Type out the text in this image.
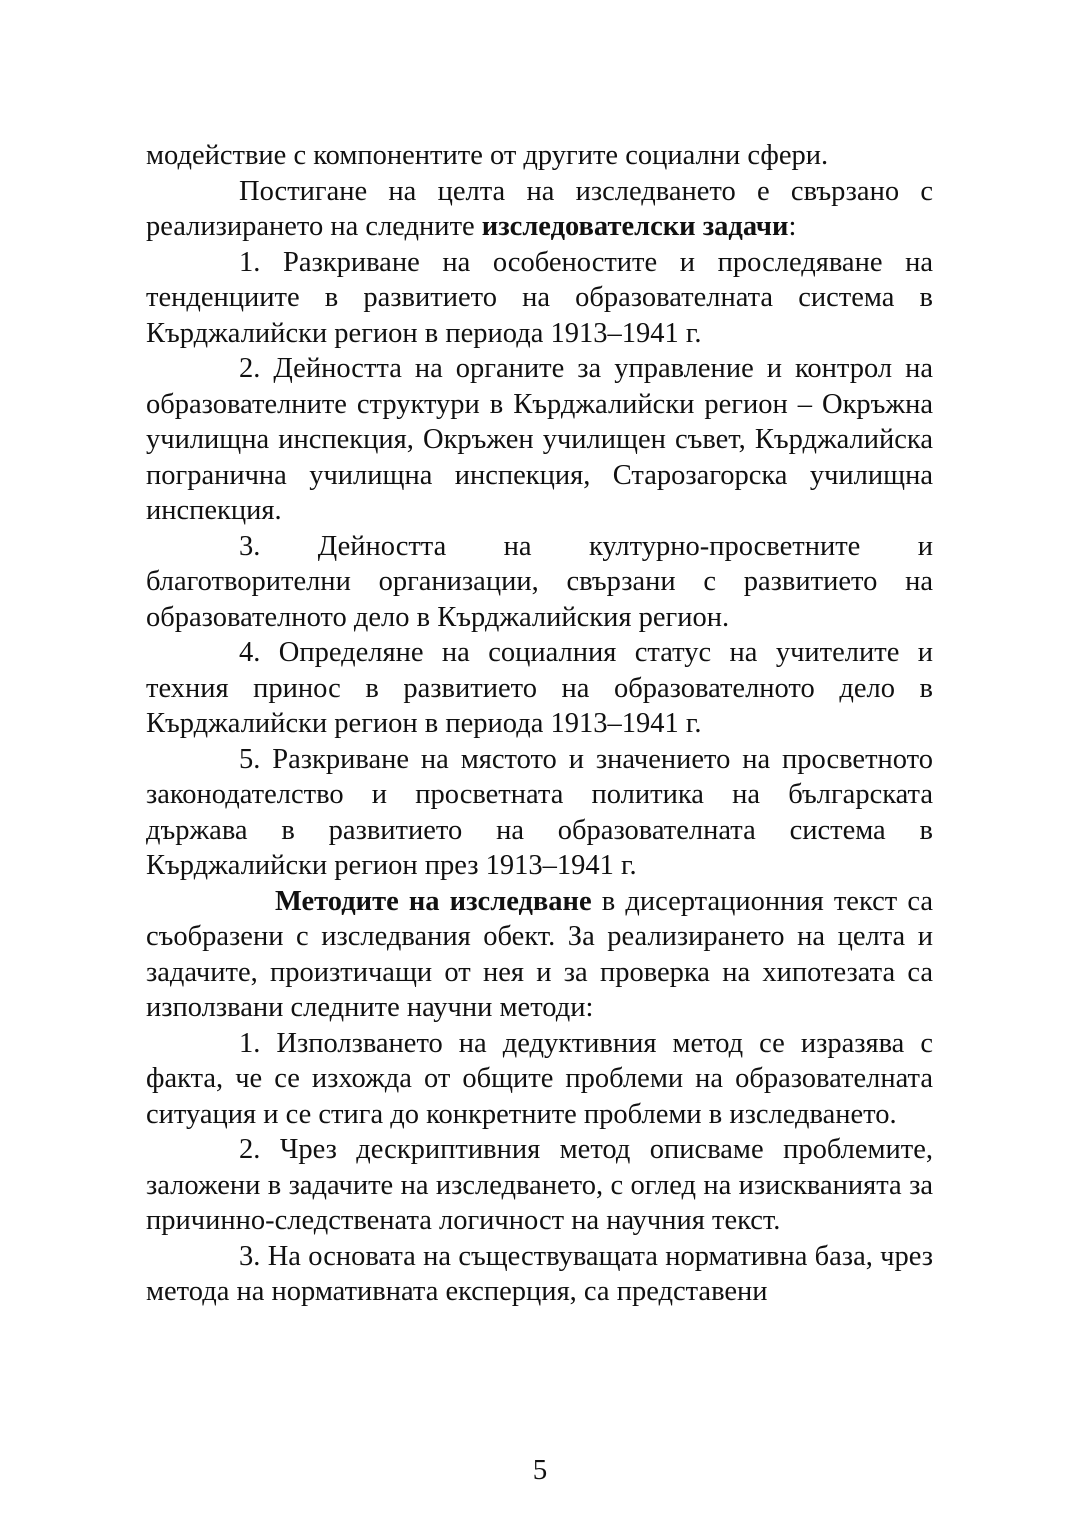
модействие с компонентите от другите социални сфери.

Постигане на целта на изследването е свързано с реализирането на следните изследователски задачи:

1. Разкриване на особеностите и проследяване на тенденциите в развитието на образователната система в Кърджалийски регион в периода 1913–1941 г.

2. Дейността на органите за управление и контрол на образователните структури в Кърджалийски регион – Окръжна училищна инспекция, Окръжен училищен съвет, Кърджалийска погранична училищна инспекция, Старозагорска училищна инспекция.

3. Дейността на културно-просветните и благотворителни организации, свързани с развитието на образователното дело в Кърджалийския регион.

4. Определяне на социалния статус на учителите и техния принос в развитието на образователното дело в Кърджалийски регион в периода 1913–1941 г.

5. Разкриване на мястото и значението на просветното законодателство и просветната политика на българската държава в развитието на образователната система в Кърджалийски регион през 1913–1941 г.

Методите на изследване в дисертационния текст са съобразени с изследвания обект. За реализирането на целта и задачите, произтичащи от нея и за проверка на хипотезата са използвани следните научни методи:

1. Използването на дедуктивния метод се изразява с факта, че се изхожда от общите проблеми на образователната ситуация и се стига до конкретните проблеми в изследването.

2. Чрез дескриптивния метод описваме проблемите, заложени в задачите на изследването, с оглед на изискванията за причинно-следствената логичност на научния текст.

3. На основата на съществуващата нормативна база, чрез метода на нормативната експерция, са представени

5
